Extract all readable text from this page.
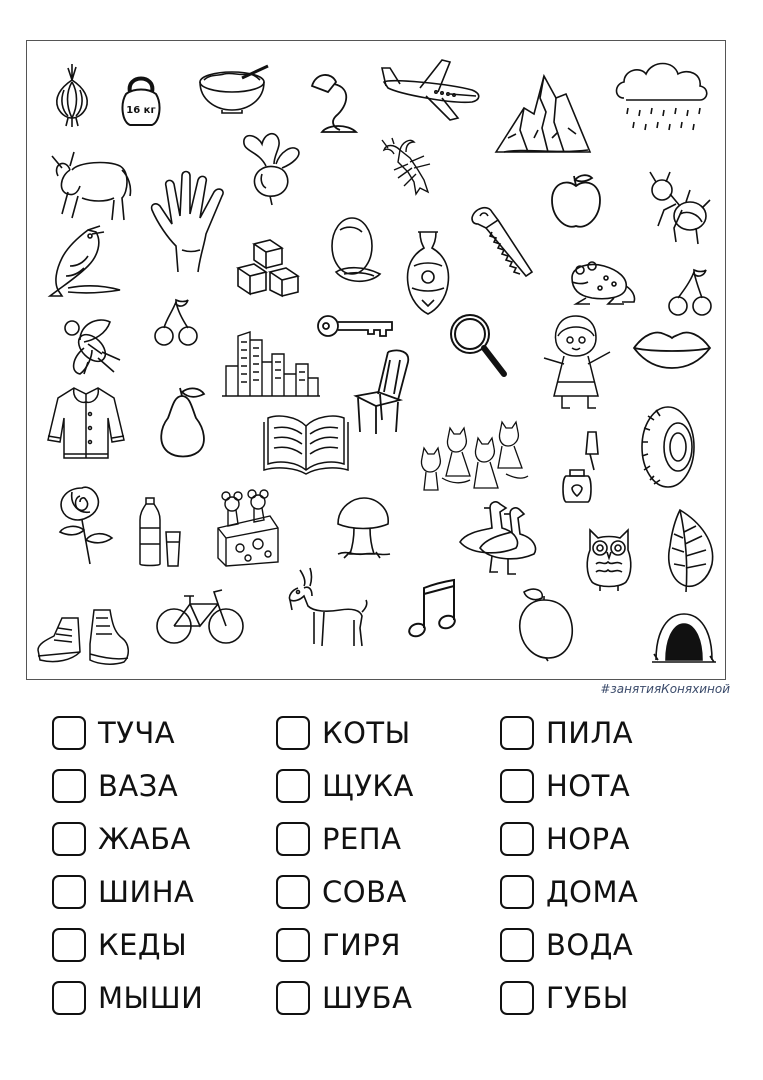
16 кг
#занятияКоняхиной
ТУЧА
ВАЗА
ЖАБА
ШИНА
КЕДЫ
МЫШИ
КОТЫ
ЩУКА
РЕПА
СОВА
ГИРЯ
ШУБА
ПИЛА
НОТА
НОРА
ДОМА
ВОДА
ГУБЫ
